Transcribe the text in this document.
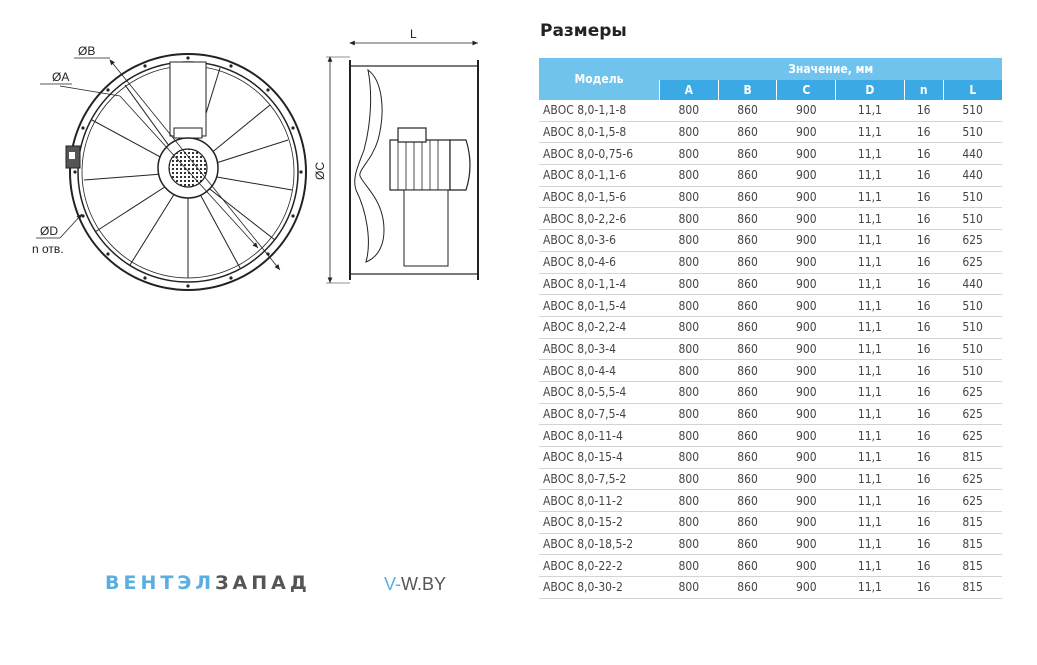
ØB
ØA
ØD
n отв.
L
ØC
ВЕНТЭЛЗАПАД	V-W.BY
Размеры
Модель	Значение, мм					
	A	B	C	D	n	L
АВОС 8,0-1,1-8	800	860	900	11,1	16	510
АВОС 8,0-1,5-8	800	860	900	11,1	16	510
АВОС 8,0-0,75-6	800	860	900	11,1	16	440
АВОС 8,0-1,1-6	800	860	900	11,1	16	440
АВОС 8,0-1,5-6	800	860	900	11,1	16	510
АВОС 8,0-2,2-6	800	860	900	11,1	16	510
АВОС 8,0-3-6	800	860	900	11,1	16	625
АВОС 8,0-4-6	800	860	900	11,1	16	625
АВОС 8,0-1,1-4	800	860	900	11,1	16	440
АВОС 8,0-1,5-4	800	860	900	11,1	16	510
АВОС 8,0-2,2-4	800	860	900	11,1	16	510
АВОС 8,0-3-4	800	860	900	11,1	16	510
АВОС 8,0-4-4	800	860	900	11,1	16	510
АВОС 8,0-5,5-4	800	860	900	11,1	16	625
АВОС 8,0-7,5-4	800	860	900	11,1	16	625
АВОС 8,0-11-4	800	860	900	11,1	16	625
АВОС 8,0-15-4	800	860	900	11,1	16	815
АВОС 8,0-7,5-2	800	860	900	11,1	16	625
АВОС 8,0-11-2	800	860	900	11,1	16	625
АВОС 8,0-15-2	800	860	900	11,1	16	815
АВОС 8,0-18,5-2	800	860	900	11,1	16	815
АВОС 8,0-22-2	800	860	900	11,1	16	815
АВОС 8,0-30-2	800	860	900	11,1	16	815
